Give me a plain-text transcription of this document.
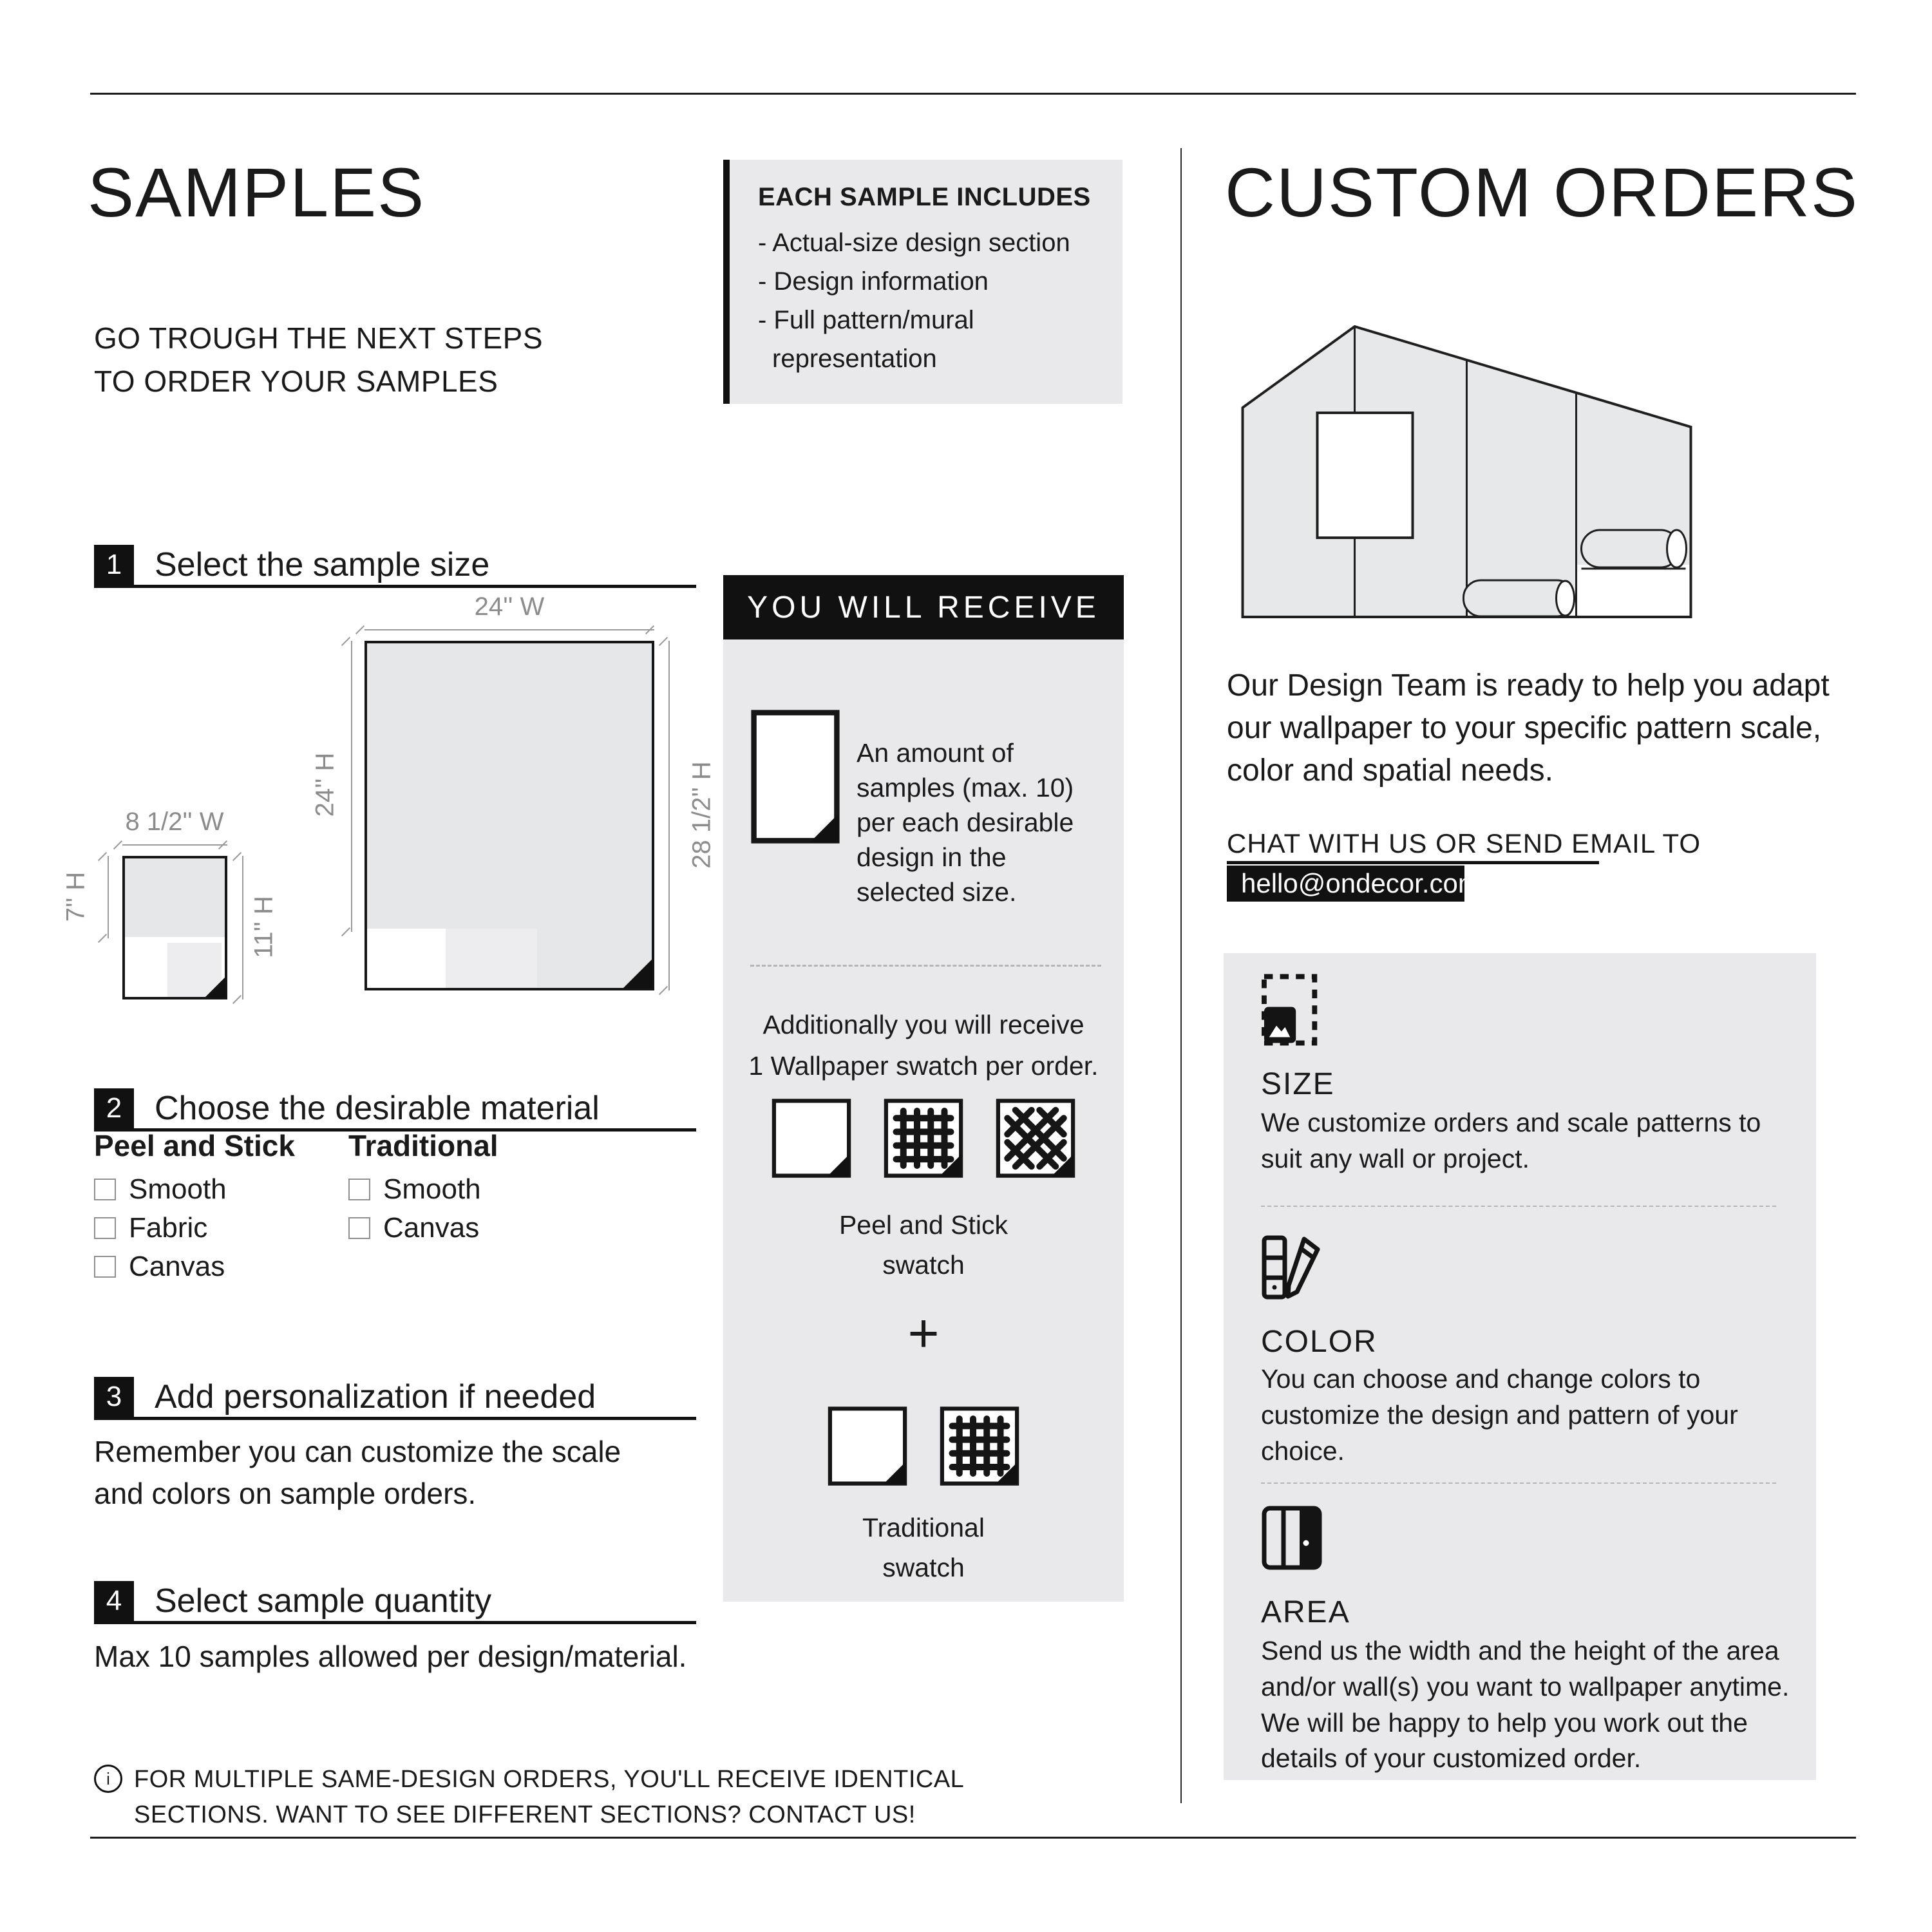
SAMPLES
GO TROUGH THE NEXT STEPS
TO ORDER YOUR SAMPLES
EACH SAMPLE INCLUDES
- Actual-size design section
- Design information
- Full pattern/mural representation
1 Select the sample size
24'' W
24'' H	28 1/2'' H
8 1/2'' W
7'' H	11'' H
2 Choose the desirable material
Peel and Stick
Smooth
Fabric
Canvas
Traditional
Smooth
Canvas
3 Add personalization if needed
Remember you can customize the scale and colors on sample orders.
4 Select sample quantity
Max 10 samples allowed per design/material.
i FOR MULTIPLE SAME-DESIGN ORDERS, YOU'LL RECEIVE IDENTICAL
SECTIONS. WANT TO SEE DIFFERENT SECTIONS? CONTACT US!
YOU WILL RECEIVE
An amount of
samples (max. 10)
per each desirable
design in the
selected size.
Additionally you will receive
1 Wallpaper swatch per order.
Peel and Stick
swatch
+
Traditional
swatch
CUSTOM ORDERS
Our Design Team is ready to help you adapt our wallpaper to your specific pattern scale, color and spatial needs.
CHAT WITH US OR SEND EMAIL TO
hello@ondecor.com
SIZE
We customize orders and scale patterns to suit any wall or project.
COLOR
You can choose and change colors to customize the design and pattern of your choice.
AREA
Send us the width and the height of the area and/or wall(s) you want to wallpaper anytime. We will be happy to help you work out the details of your customized order.
